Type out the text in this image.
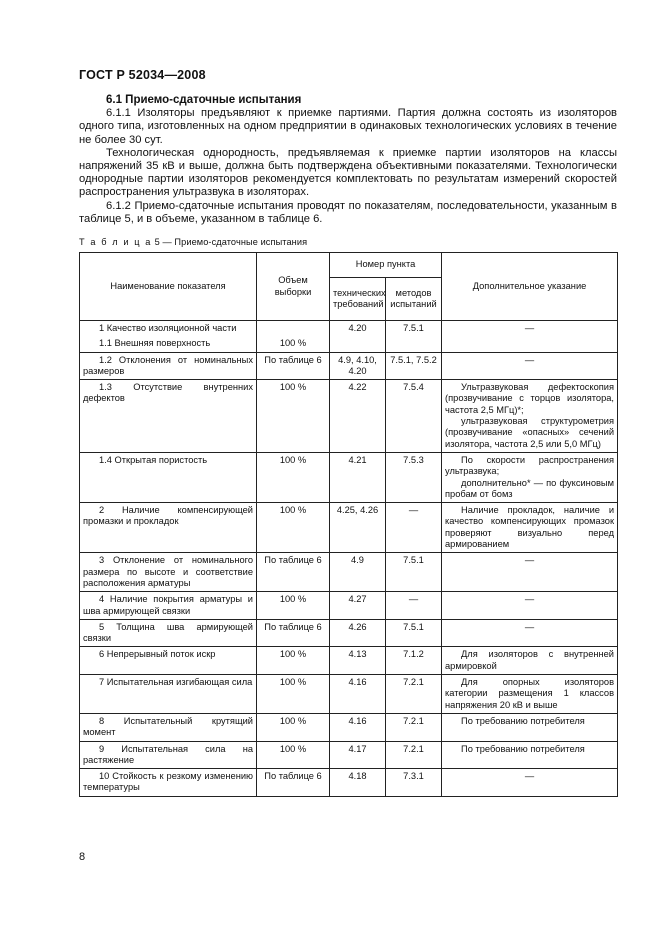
ГОСТ Р 52034—2008
6.1 Приемо-сдаточные испытания

6.1.1 Изоляторы предъявляют к приемке партиями. Партия должна состоять из изоляторов одного типа, изготовленных на одном предприятии в одинаковых технологических условиях в течение не более 30 сут.

Технологическая однородность, предъявляемая к приемке партии изоляторов на классы напряжений 35 кВ и выше, должна быть подтверждена объективными показателями. Технологически однородные партии изоляторов рекомендуется комплектовать по результатам измерений скоростей распространения ультразвука в изоляторах.

6.1.2 Приемо-сдаточные испытания проводят по показателям, последовательности, указанным в таблице 5, и в объеме, указанном в таблице 6.

Т а б л и ц а 5 — Приемо-сдаточные испытания
Наименование показателя	Объем выборки	Номер пункта		Дополнительное указание
		технических требований	методов испытаний	

1 Качество изоляционной части		4.20	7.5.1	—

1.1 Внешняя поверхность	100 %			

1.2 Отклонения от номинальных размеров	По таблице 6	4.9, 4.10, 4.20	7.5.1, 7.5.2	—

1.3 Отсутствие внутренних дефектов	100 %	4.22	7.5.4	Ультразвуковая дефектоскопия (прозвучивание с торцов изолятора, частота 2,5 МГц)*;
ультразвуковая структурометрия (прозвучивание «опасных» сечений изолятора, частота 2,5 или 5,0 МГц)

1.4 Открытая пористость	100 %	4.21	7.5.3	По скорости распространения ультразвука;
дополнительно* — по фуксиновым пробам от бомз

2 Наличие компенсирующей промазки и прокладок	100 %	4.25, 4.26	—	Наличие прокладок, наличие и качество компенсирующих промазок проверяют визуально перед армированием

3 Отклонение от номинального размера по высоте и соответствие расположения арматуры	По таблице 6	4.9	7.5.1	—

4 Наличие покрытия арматуры и шва армирующей связки	100 %	4.27	—	—

5 Толщина шва армирующей связки	По таблице 6	4.26	7.5.1	—

6 Непрерывный поток искр	100 %	4.13	7.1.2	Для изоляторов с внутренней армировкой

7 Испытательная изгибающая сила	100 %	4.16	7.2.1	Для опорных изоляторов категории размещения 1 классов напряжения 20 кВ и выше

8 Испытательный крутящий момент	100 %	4.16	7.2.1	По требованию потребителя

9 Испытательная сила на растяжение	100 %	4.17	7.2.1	По требованию потребителя

10 Стойкость к резкому изменению температуры	По таблице 6	4.18	7.3.1	—
8
